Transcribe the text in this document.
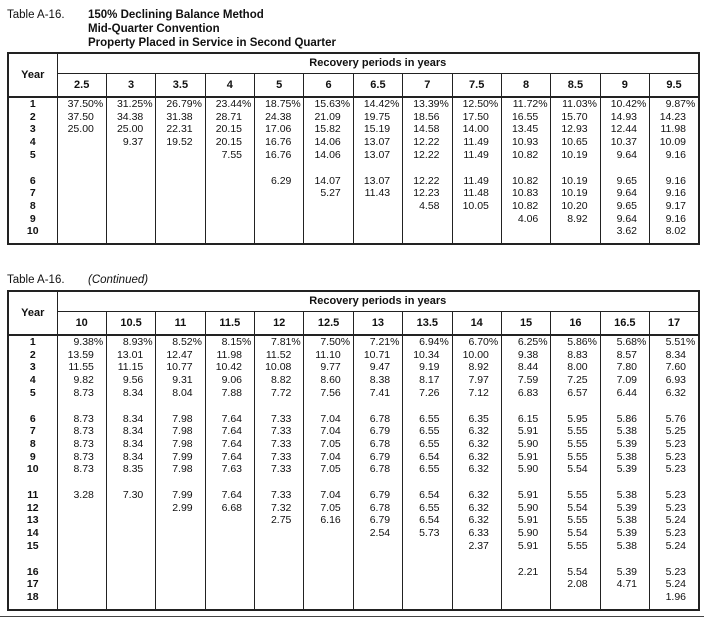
Table A-16.	150% Declining Balance Method
Mid-Quarter Convention
Property Placed in Service in Second Quarter
Year	Recovery periods in years												
	2.5	3	3.5	4	5	6	6.5	7	7.5	8	8.5	9	9.5
1	37.50%	31.25%	26.79%	23.44%	18.75%	15.63%	14.42%	13.39%	12.50%	11.72%	11.03%	10.42%	9.87%
2	37.50	34.38	31.38	28.71	24.38	21.09	19.75	18.56	17.50	16.55	15.70	14.93	14.23
3	25.00	25.00	22.31	20.15	17.06	15.82	15.19	14.58	14.00	13.45	12.93	12.44	11.98
4		9.37	19.52	20.15	16.76	14.06	13.07	12.22	11.49	10.93	10.65	10.37	10.09
5				7.55	16.76	14.06	13.07	12.22	11.49	10.82	10.19	9.64	9.16

6					6.29	14.07	13.07	12.22	11.49	10.82	10.19	9.65	9.16
7						5.27	11.43	12.23	11.48	10.83	10.19	9.64	9.16
8								4.58	10.05	10.82	10.20	9.65	9.17
9										4.06	8.92	9.64	9.16
10												3.62	8.02

Table A-16.	(Continued)
Year	Recovery periods in years												
	10	10.5	11	11.5	12	12.5	13	13.5	14	15	16	16.5	17
1	9.38%	8.93%	8.52%	8.15%	7.81%	7.50%	7.21%	6.94%	6.70%	6.25%	5.86%	5.68%	5.51%
2	13.59	13.01	12.47	11.98	11.52	11.10	10.71	10.34	10.00	9.38	8.83	8.57	8.34
3	11.55	11.15	10.77	10.42	10.08	9.77	9.47	9.19	8.92	8.44	8.00	7.80	7.60
4	9.82	9.56	9.31	9.06	8.82	8.60	8.38	8.17	7.97	7.59	7.25	7.09	6.93
5	8.73	8.34	8.04	7.88	7.72	7.56	7.41	7.26	7.12	6.83	6.57	6.44	6.32

6	8.73	8.34	7.98	7.64	7.33	7.04	6.78	6.55	6.35	6.15	5.95	5.86	5.76
7	8.73	8.34	7.98	7.64	7.33	7.04	6.79	6.55	6.32	5.91	5.55	5.38	5.25
8	8.73	8.34	7.98	7.64	7.33	7.05	6.78	6.55	6.32	5.90	5.55	5.39	5.23
9	8.73	8.34	7.99	7.64	7.33	7.04	6.79	6.54	6.32	5.91	5.55	5.38	5.23
10	8.73	8.35	7.98	7.63	7.33	7.05	6.78	6.55	6.32	5.90	5.54	5.39	5.23

11	3.28	7.30	7.99	7.64	7.33	7.04	6.79	6.54	6.32	5.91	5.55	5.38	5.23
12			2.99	6.68	7.32	7.05	6.78	6.55	6.32	5.90	5.54	5.39	5.23
13					2.75	6.16	6.79	6.54	6.32	5.91	5.55	5.38	5.24
14							2.54	5.73	6.33	5.90	5.54	5.39	5.23
15									2.37	5.91	5.55	5.38	5.24

16										2.21	5.54	5.39	5.23
17											2.08	4.71	5.24
18													1.96
